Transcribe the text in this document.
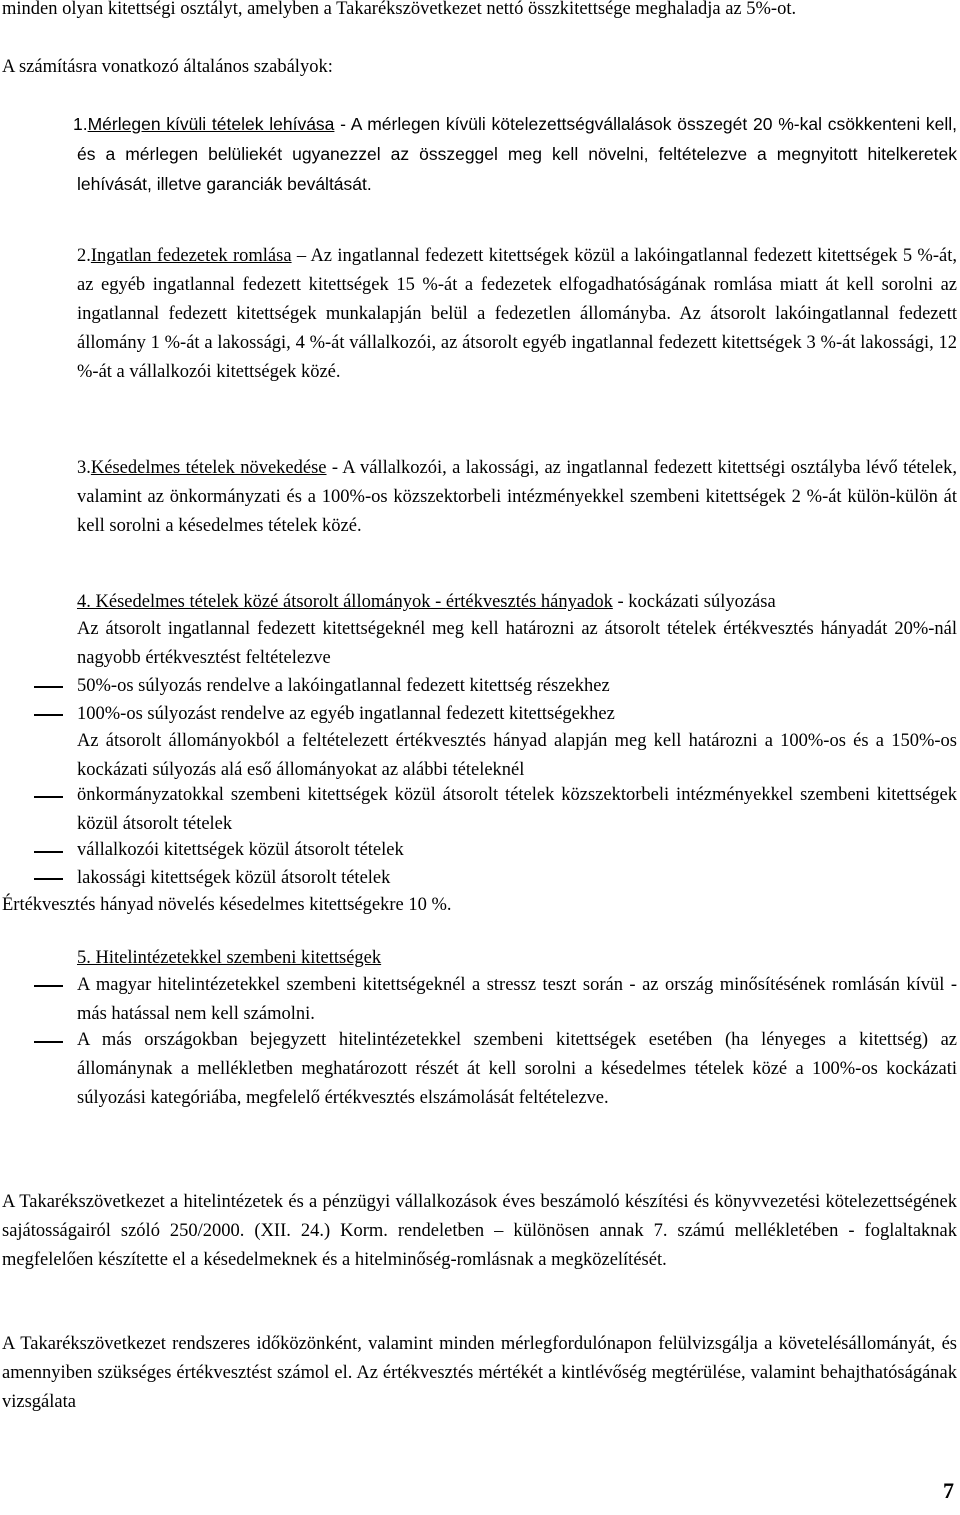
minden olyan kitettségi osztályt, amelyben a Takarékszövetkezet nettó összkitettsége meghaladja az 5%-ot.

A számításra vonatkozó általános szabályok:

1.Mérlegen kívüli tételek lehívása - A mérlegen kívüli kötelezettségvállalások összegét 20 %-kal csökkenteni kell, és a mérlegen belüliekét ugyanezzel az összeggel meg kell növelni, feltételezve a megnyitott hitelkeretek lehívását, illetve garanciák beváltását.
2.Ingatlan fedezetek romlása – Az ingatlannal fedezett kitettségek közül a lakóingatlannal fedezett kitettségek 5 %-át, az egyéb ingatlannal fedezett kitettségek 15 %-át a fedezetek elfogadhatóságának romlása miatt át kell sorolni az ingatlannal fedezett kitettségek munkalapján belül a fedezetlen állományba. Az átsorolt lakóingatlannal fedezett állomány 1 %-át a lakossági, 4 %-át vállalkozói, az átsorolt egyéb ingatlannal fedezett kitettségek 3 %-át lakossági, 12 %-át a vállalkozói kitettségek közé.
3.Késedelmes tételek növekedése - A vállalkozói, a lakossági, az ingatlannal fedezett kitettségi osztályba lévő tételek, valamint az önkormányzati és a 100%-os közszektorbeli intézményekkel szembeni kitettségek 2 %-át külön-külön át kell sorolni a késedelmes tételek közé.
4. Késedelmes tételek közé átsorolt állományok - értékvesztés hányadok - kockázati súlyozása

Az átsorolt ingatlannal fedezett kitettségeknél meg kell határozni az átsorolt tételek értékvesztés hányadát 20%-nál nagyobb értékvesztést feltételezve

50%-os súlyozás rendelve a lakóingatlannal fedezett kitettség részekhez

100%-os súlyozást rendelve az egyéb ingatlannal fedezett kitettségekhez

Az átsorolt állományokból a feltételezett értékvesztés hányad alapján meg kell határozni a 100%-os és a 150%-os kockázati súlyozás alá eső állományokat az alábbi tételeknél

önkormányzatokkal szembeni kitettségek közül átsorolt tételek közszektorbeli intézményekkel szembeni kitettségek közül átsorolt tételek

vállalkozói kitettségek közül átsorolt tételek

lakossági kitettségek közül átsorolt tételek

Értékvesztés hányad növelés késedelmes kitettségekre 10 %.

5. Hitelintézetekkel szembeni kitettségek

A magyar hitelintézetekkel szembeni kitettségeknél a stressz teszt során - az ország minősítésének romlásán kívül - más hatással nem kell számolni.

A más országokban bejegyzett hitelintézetekkel szembeni kitettségek esetében (ha lényeges a kitettség) az állománynak a mellékletben meghatározott részét át kell sorolni a késedelmes tételek közé a 100%-os kockázati súlyozási kategóriába, megfelelő értékvesztés elszámolását feltételezve.

A Takarékszövetkezet a hitelintézetek és a pénzügyi vállalkozások éves beszámoló készítési és könyvvezetési kötelezettségének sajátosságairól szóló 250/2000. (XII. 24.) Korm. rendeletben – különösen annak 7. számú mellékletében - foglaltaknak megfelelően készítette el a késedelmeknek és a hitelminőség-romlásnak a megközelítését.

A Takarékszövetkezet rendszeres időközönként, valamint minden mérlegfordulónapon felülvizsgálja a követelésállományát, és amennyiben szükséges értékvesztést számol el. Az értékvesztés mértékét a kintlévőség megtérülése, valamint behajthatóságának vizsgálata

7
